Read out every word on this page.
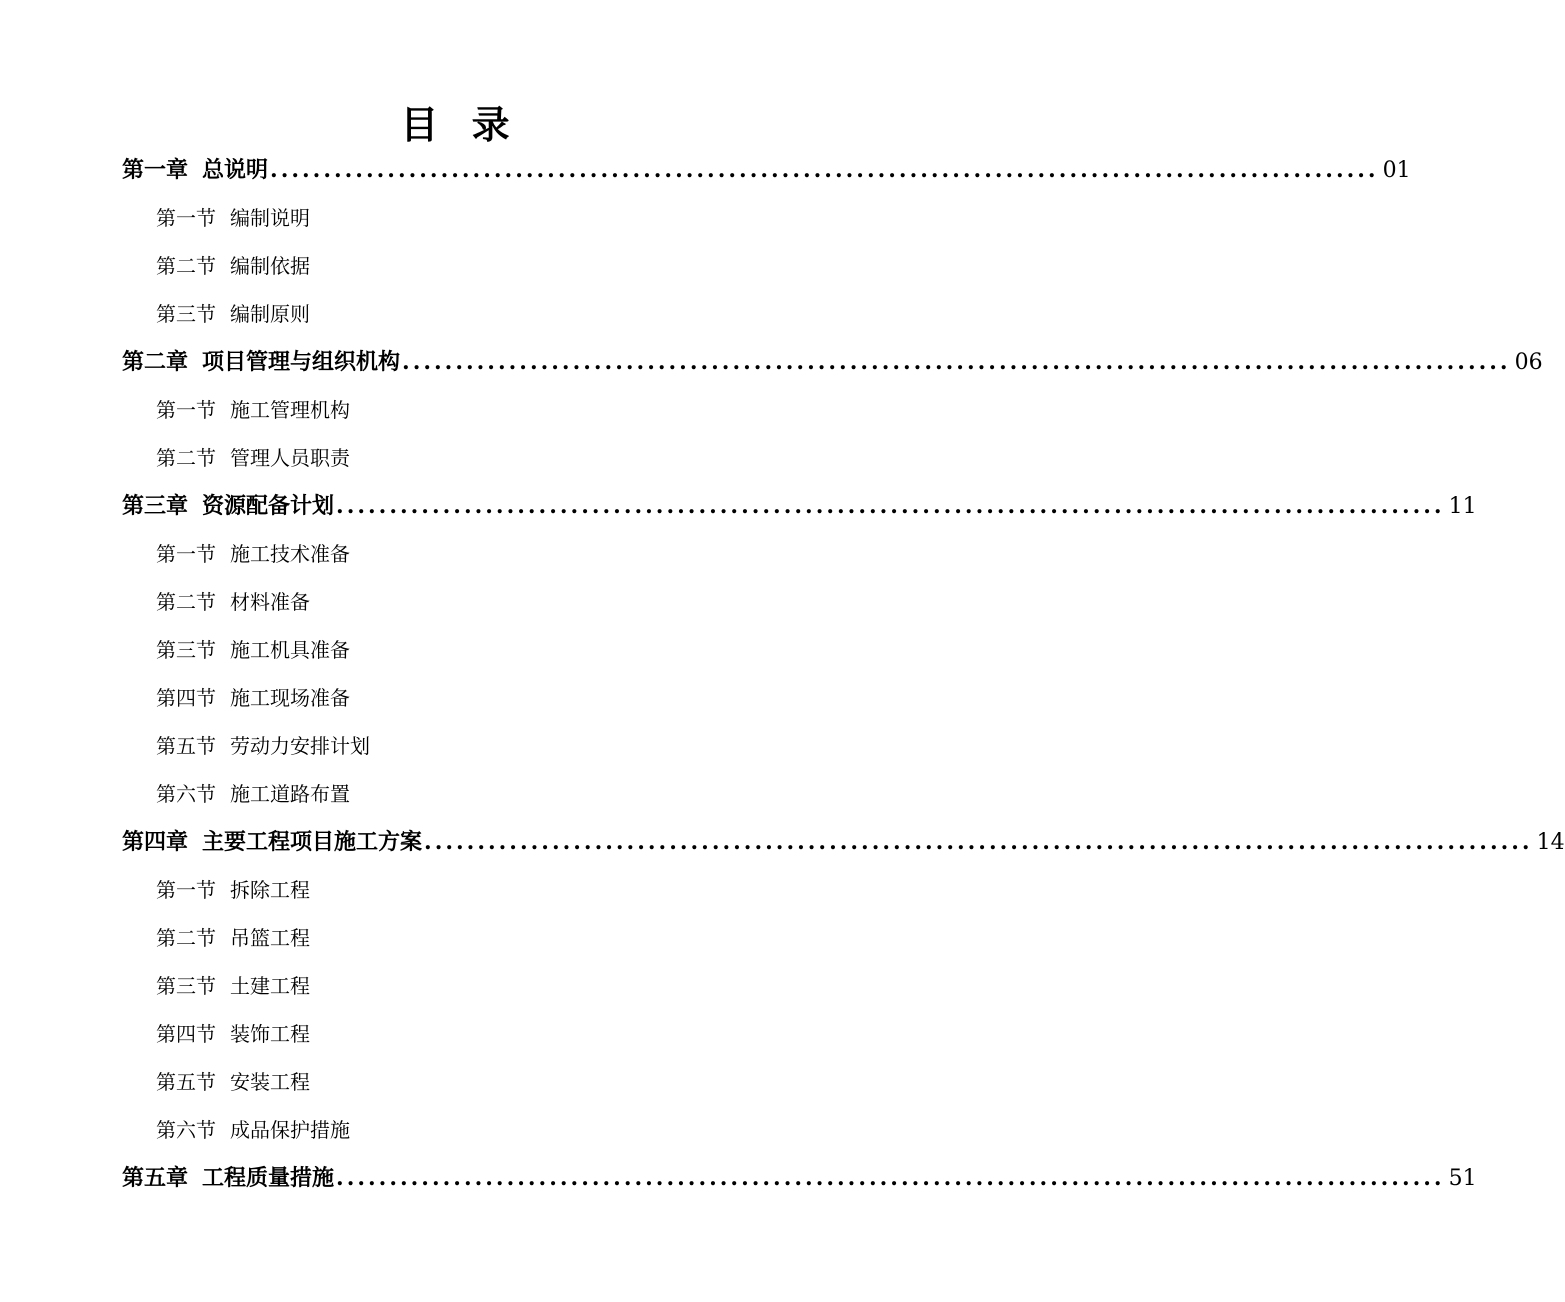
目 录
第一章 总说明 ........................................................................................................ 01
第一节 编制说明
第二节 编制依据
第三节 编制原则
第二章 项目管理与组织机构 ........................................................................................................ 06
第一节 施工管理机构
第二节 管理人员职责
第三章 资源配备计划 ........................................................................................................ 11
第一节 施工技术准备
第二节 材料准备
第三节 施工机具准备
第四节 施工现场准备
第五节 劳动力安排计划
第六节 施工道路布置
第四章 主要工程项目施工方案 ........................................................................................................ 14
第一节 拆除工程
第二节 吊篮工程
第三节 土建工程
第四节 装饰工程
第五节 安装工程
第六节 成品保护措施
第五章 工程质量措施 ........................................................................................................ 51
